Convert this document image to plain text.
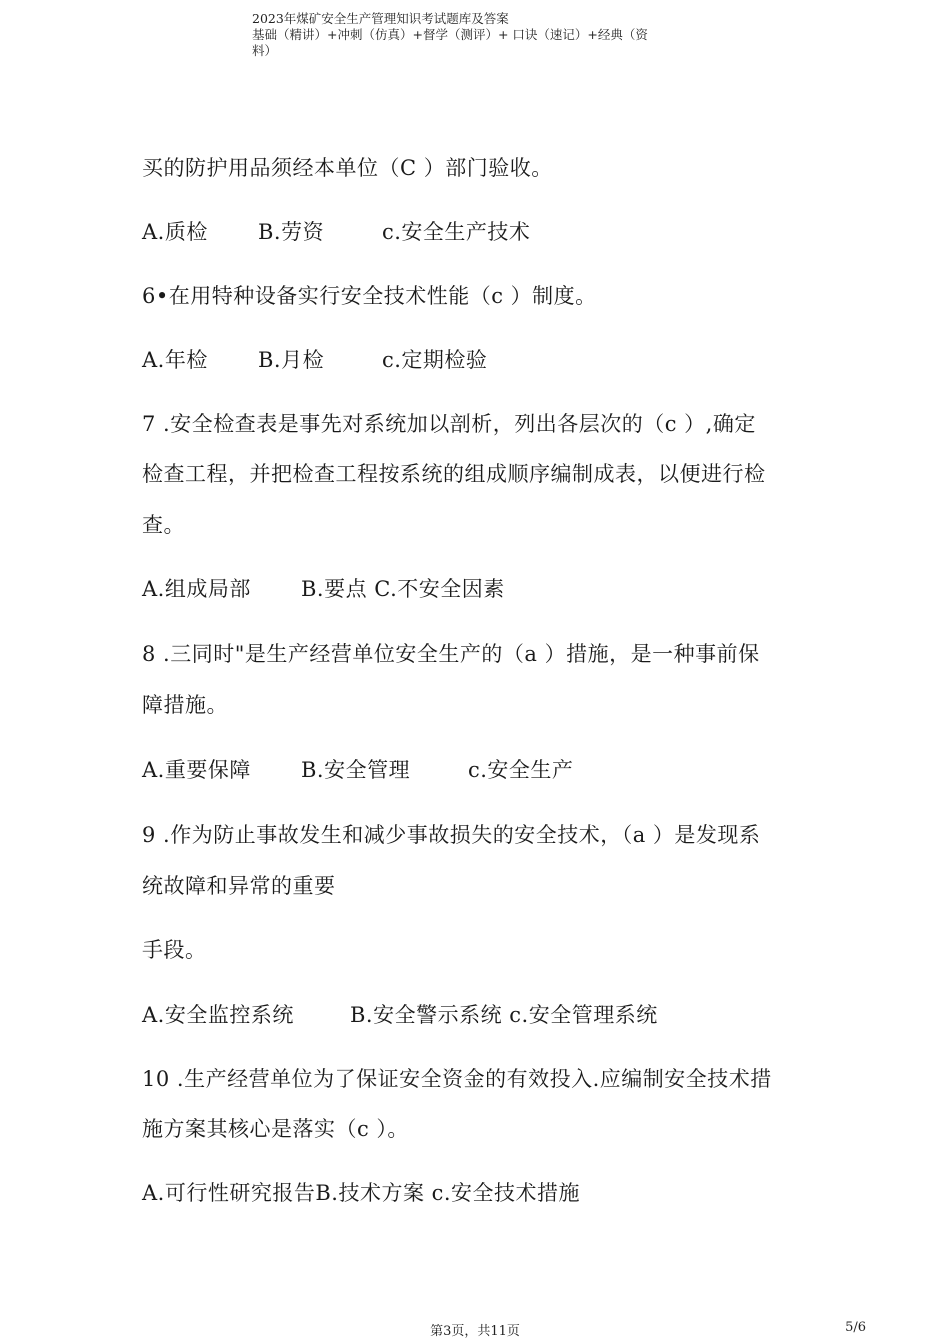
2023年煤矿安全生产管理知识考试题库及答案
基础（精讲）+冲刺（仿真）+督学（测评）+ 口诀（速记）+经典（资
料）
买的防护用品须经本单位（C ）部门验收。
A.质检 B.劳资	c.安全生产技术
6•在用特种设备实行安全技术性能（c ）制度。
A.年检 B.月检	c.定期检验
7 .安全检查表是事先对系统加以剖析，列出各层次的（c ）,确定
检查工程，并把检查工程按系统的组成顺序编制成表，以便进行检
查。
A.组成局部 B.要点 C.不安全因素
8 .三同时"是生产经营单位安全生产的（a ）措施，是一种事前保
障措施。
A.重要保障 B.安全管理	c.安全生产
9 .作为防止事故发生和减少事故损失的安全技术，（a ）是发现系
统故障和异常的重要
手段。
A.安全监控系统	B.安全警示系统 c.安全管理系统
10 .生产经营单位为了保证安全资金的有效投入.应编制安全技术措
施方案其核心是落实（c ）。
A.可行性研究报告B.技术方案 c.安全技术措施
第3页，共11页	5/6
